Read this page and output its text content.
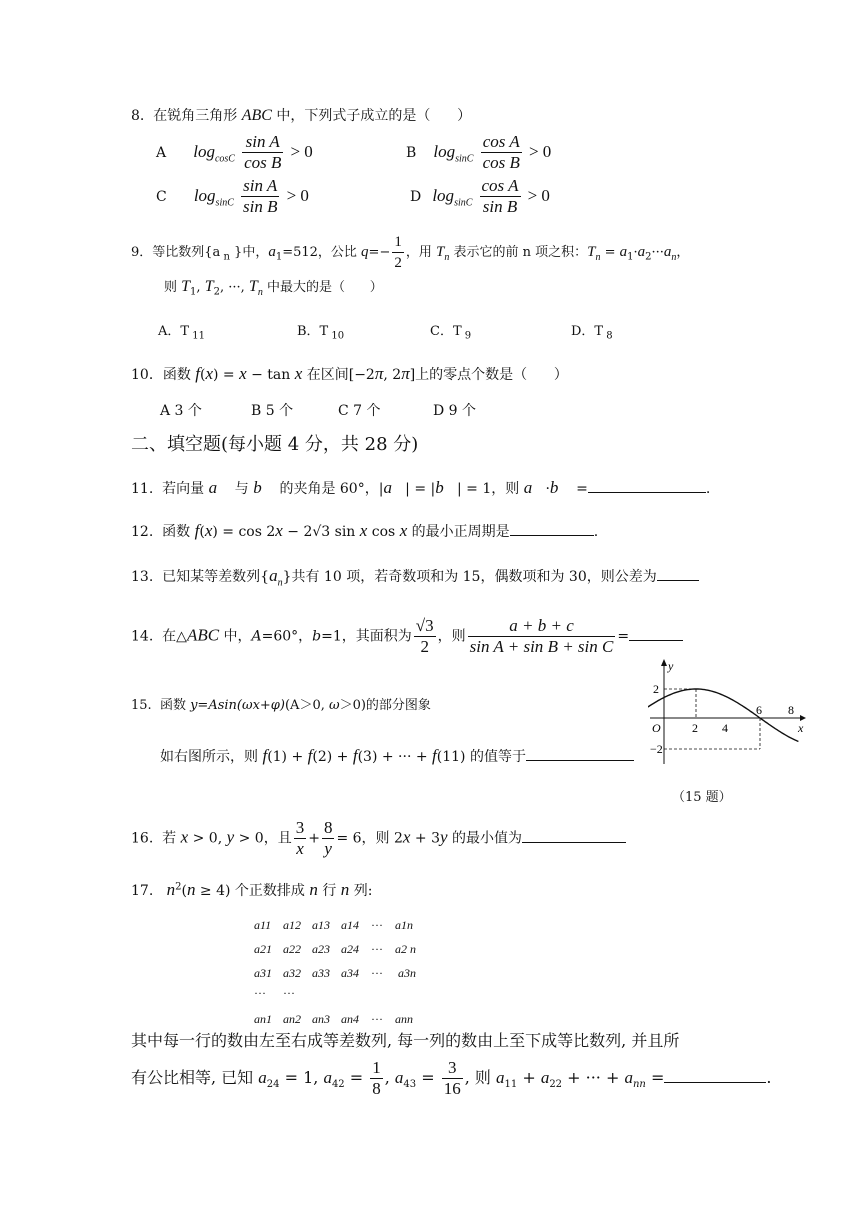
8.  在锐角三角形 ABC 中，下列式子成立的是（      ）
A $\log_{cosC} \frac{\text{sin A}}{\text{cos B}} > 0$	B $\log_{sinC} \frac{\text{cos A}}{\text{cos B}} > 0$
C $\log_{sinC} \frac{\text{sin A}}{\text{sin B}} > 0$	D $\log_{sinC} \frac{\text{cos A}}{\text{sin B}} > 0$
9．等比数列{a $_n$ }中，$a_1=512$，公比 $q=- \frac{1}{2}$ ，用 $T_n$ 表示它的前 n 项之积：$T_n = a_1\cdot a_2\cdot\cdot\cdot a_n$，
则 $T_1$, $T_2$, ···, $T_n$ 中最大的是（      ）
A．T $_{11}$	B．T $_{10}$	C．T $_9$	D．T $_8$
10．函数 f(x) = x − tan x 在区间[−2π, 2π]上的零点个数是（      ）
A 3 个	B 5 个	C 7 个	D 9 个
二、填空题(每小题 4 分，共 28 分)
11.  若向量 a⃗ 与 b⃗ 的夹角是 60°，|a⃗| = |b⃗| = 1，则 a⃗·b⃗ =	.
12.  函数 f(x) = cos 2x − 2√3 sin x cos x 的最小正周期是	.
13.  已知某等差数列$\{a_n\}$共有 10 项，若奇数项和为 15，偶数项和为 30，则公差为
14.  在△ABC 中，A=60°，b=1，其面积为 $\frac{√3}{2}$ ，则 $\frac{a + b + c}{\text{sin A + sin B + sin C}}$ =
15.  函数 y=Asin(ωx+φ)(A＞0, ω＞0)的部分图象
如右图所示，则 f(1) + f(2) + f(3) + ··· + f(11) 的值等于
（15 题）
y
x
O
2
−2
2 4
6 8
16.  若 x > 0, y > 0，且 $\frac{3}{x} + \frac{8}{y} = 6$，则 2x + 3y 的最小值为
17.   $n^2(n \ge 4)$ 个正数排成 n 行 n 列:
a11 a12 a13 a14 ··· a1n
a21 a22 a23 a24 ··· a2 n
a31 a32 a33 a34 ··· a3n
··· ···
an1 an2 an3 an4 ··· ann
其中每一行的数由左至右成等差数列, 每一列的数由上至下成等比数列, 并且所
有公比相等, 已知 $a_{24} = 1$, $a_{42} = \frac{1}{8}$ , $a_{43} = \frac{3}{16}$ , 则 $a_{11} + a_{22}$ + ··· + $a_{nn}$ =	.
